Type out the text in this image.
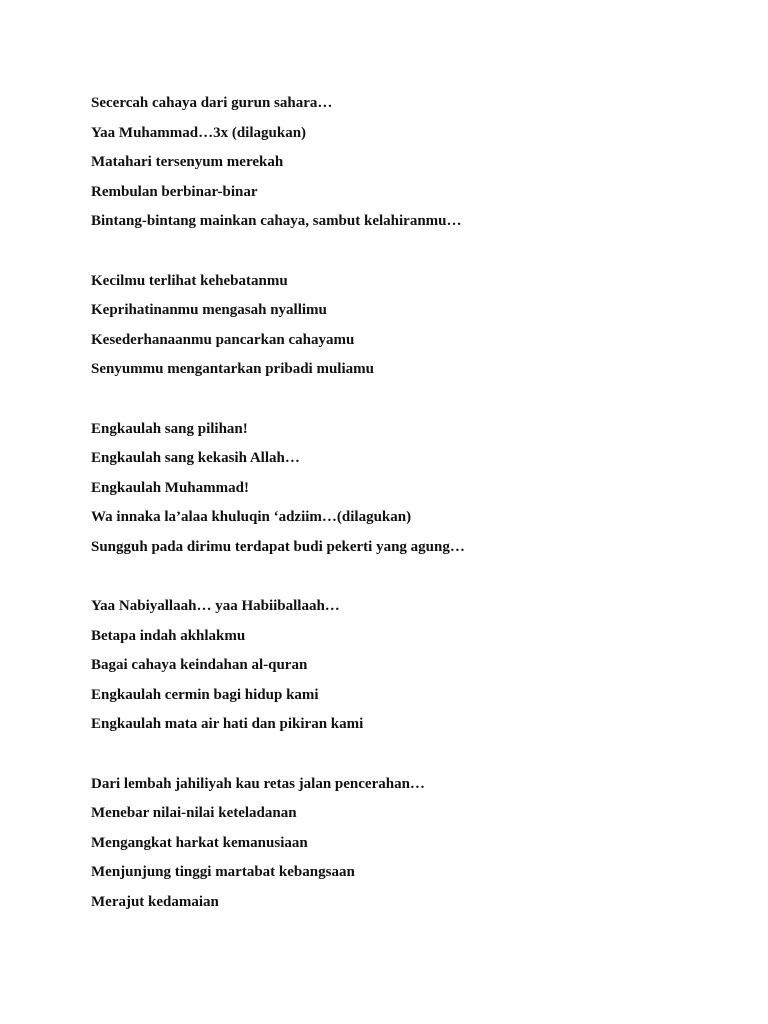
Secercah cahaya dari gurun sahara…

Yaa Muhammad…3x (dilagukan)

Matahari tersenyum merekah

Rembulan berbinar-binar

Bintang-bintang mainkan cahaya, sambut kelahiranmu…

Kecilmu terlihat kehebatanmu

Keprihatinanmu mengasah nyallimu

Kesederhanaanmu pancarkan cahayamu

Senyummu mengantarkan pribadi muliamu

Engkaulah sang pilihan!

Engkaulah sang kekasih Allah…

Engkaulah Muhammad!

Wa innaka la’alaa khuluqin ‘adziim…(dilagukan)

Sungguh pada dirimu terdapat budi pekerti yang agung…

Yaa Nabiyallaah… yaa Habiiballaah…

Betapa indah akhlakmu

Bagai cahaya keindahan al-quran

Engkaulah cermin bagi hidup kami

Engkaulah mata air hati dan pikiran kami

Dari lembah jahiliyah kau retas jalan pencerahan…

Menebar nilai-nilai keteladanan

Mengangkat harkat kemanusiaan

Menjunjung tinggi martabat kebangsaan

Merajut kedamaian
